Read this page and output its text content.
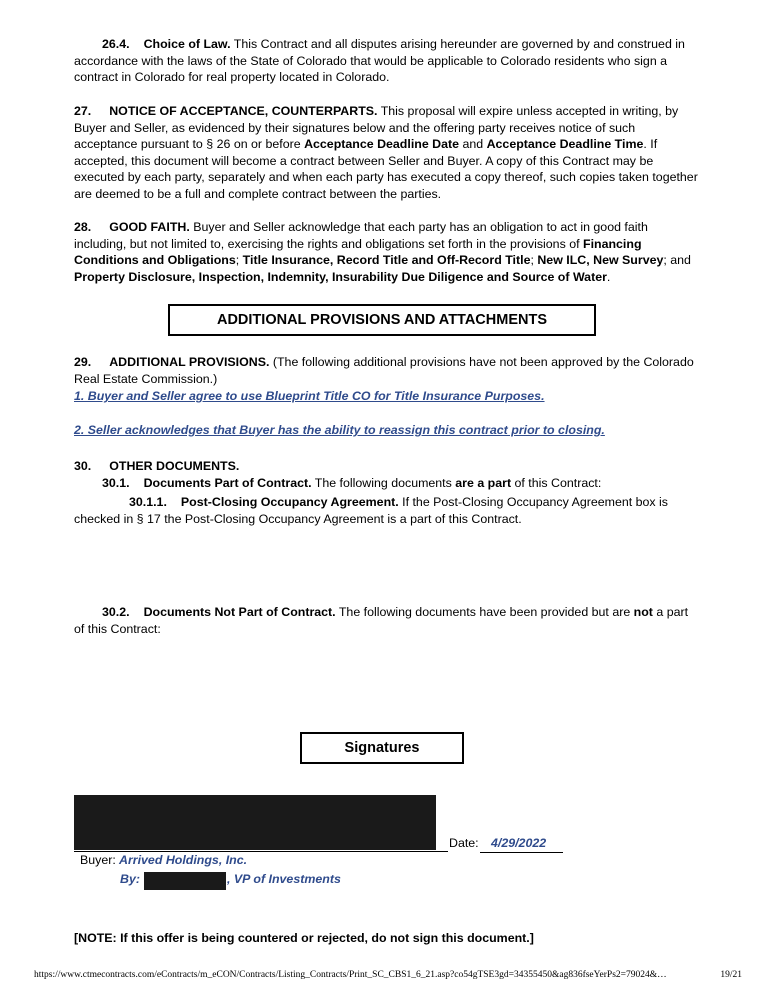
26.4. Choice of Law. This Contract and all disputes arising hereunder are governed by and construed in accordance with the laws of the State of Colorado that would be applicable to Colorado residents who sign a contract in Colorado for real property located in Colorado.

27. NOTICE OF ACCEPTANCE, COUNTERPARTS. This proposal will expire unless accepted in writing, by Buyer and Seller, as evidenced by their signatures below and the offering party receives notice of such acceptance pursuant to § 26 on or before Acceptance Deadline Date and Acceptance Deadline Time. If accepted, this document will become a contract between Seller and Buyer. A copy of this Contract may be executed by each party, separately and when each party has executed a copy thereof, such copies taken together are deemed to be a full and complete contract between the parties.

28. GOOD FAITH. Buyer and Seller acknowledge that each party has an obligation to act in good faith including, but not limited to, exercising the rights and obligations set forth in the provisions of Financing Conditions and Obligations; Title Insurance, Record Title and Off-Record Title; New ILC, New Survey; and Property Disclosure, Inspection, Indemnity, Insurability Due Diligence and Source of Water.

ADDITIONAL PROVISIONS AND ATTACHMENTS

29. ADDITIONAL PROVISIONS. (The following additional provisions have not been approved by the Colorado Real Estate Commission.)

1. Buyer and Seller agree to use Blueprint Title CO for Title Insurance Purposes.

2. Seller acknowledges that Buyer has the ability to reassign this contract prior to closing.

30. OTHER DOCUMENTS.

30.1. Documents Part of Contract. The following documents are a part of this Contract:

30.1.1. Post-Closing Occupancy Agreement. If the Post-Closing Occupancy Agreement box is checked in § 17 the Post-Closing Occupancy Agreement is a part of this Contract.

30.2. Documents Not Part of Contract. The following documents have been provided but are not a part of this Contract:

Signatures
Date: 4/29/2022
Buyer: Arrived Holdings, Inc.
By:	, VP of Investments
[NOTE: If this offer is being countered or rejected, do not sign this document.]
https://www.ctmecontracts.com/eContracts/m_eCON/Contracts/Listing_Contracts/Print_SC_CBS1_6_21.asp?co54gTSE3gd=34355450&ag836fseYerPs2=79024&…	19/21
